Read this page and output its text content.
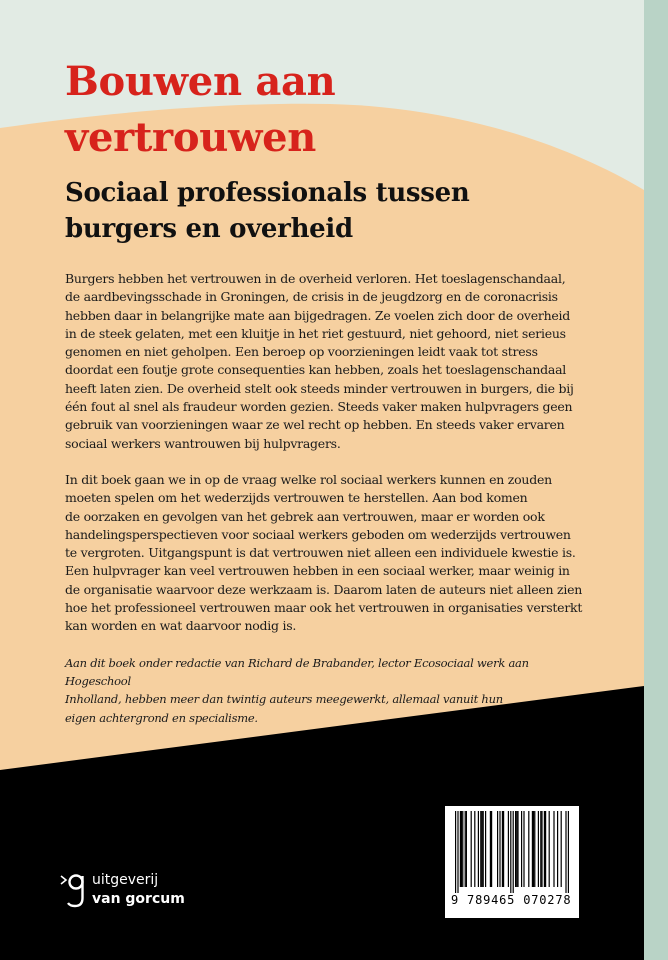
Bouwen aan
vertrouwen
Sociaal professionals tussen
burgers en overheid

Burgers hebben het vertrouwen in de overheid verloren. Het toeslagenschandaal,
de aardbevingsschade in Groningen, de crisis in de jeugdzorg en de coronacrisis
hebben daar in belangrijke mate aan bijgedragen. Ze voelen zich door de overheid
in de steek gelaten, met een kluitje in het riet gestuurd, niet gehoord, niet serieus
genomen en niet geholpen. Een beroep op voorzieningen leidt vaak tot stress
doordat een foutje grote consequenties kan hebben, zoals het toeslagenschandaal
heeft laten zien. De overheid stelt ook steeds minder vertrouwen in burgers, die bij
één fout al snel als fraudeur worden gezien. Steeds vaker maken hulpvragers geen
gebruik van voorzieningen waar ze wel recht op hebben. En steeds vaker ervaren
sociaal werkers wantrouwen bij hulpvragers.

In dit boek gaan we in op de vraag welke rol sociaal werkers kunnen en zouden
moeten spelen om het wederzijds vertrouwen te herstellen. Aan bod komen
de oorzaken en gevolgen van het gebrek aan vertrouwen, maar er worden ook
handelingsperspectieven voor sociaal werkers geboden om wederzijds vertrouwen
te vergroten. Uitgangspunt is dat vertrouwen niet alleen een individuele kwestie is.
Een hulpvrager kan veel vertrouwen hebben in een sociaal werker, maar weinig in
de organisatie waarvoor deze werkzaam is. Daarom laten de auteurs niet alleen zien
hoe het professioneel vertrouwen maar ook het vertrouwen in organisaties versterkt
kan worden en wat daarvoor nodig is.

Aan dit boek onder redactie van Richard de Brabander, lector Ecosociaal werk aan Hogeschool
Inholland, hebben meer dan twintig auteurs meegewerkt, allemaal vanuit hun
eigen achtergrond en specialisme.

uitgeverij
van gorcum	9 789465 070278 >
